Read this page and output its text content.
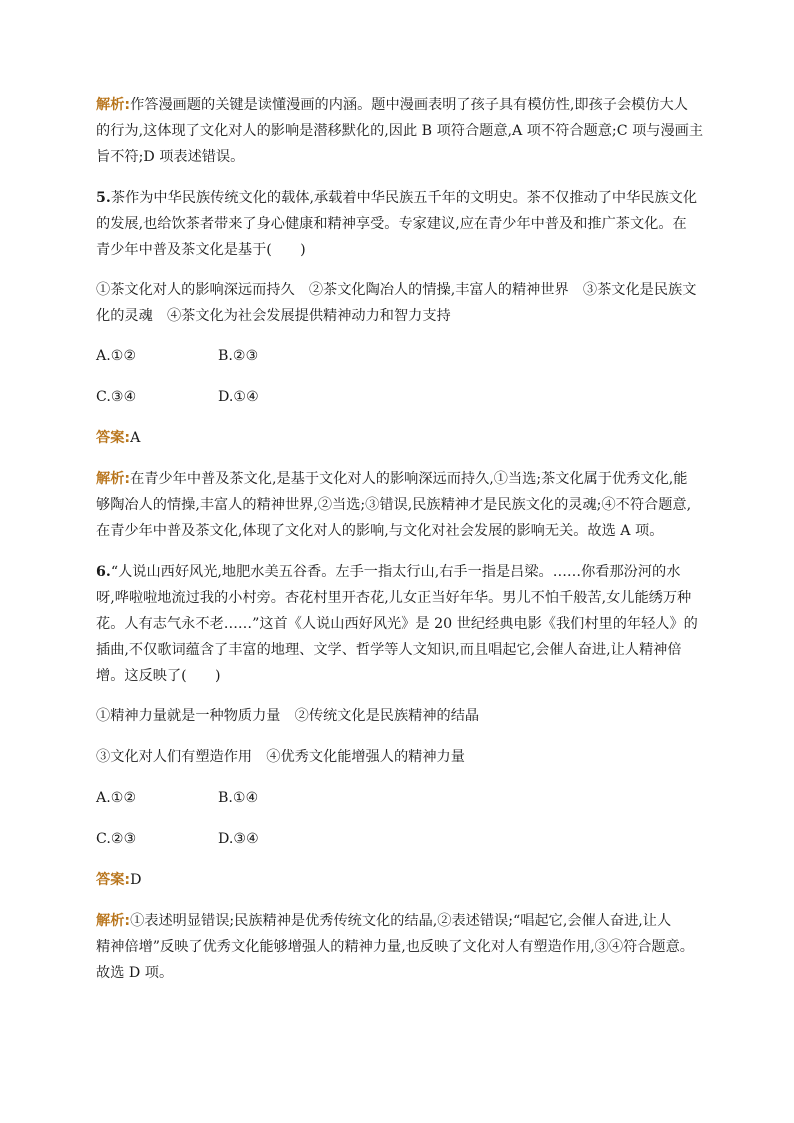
解析:作答漫画题的关键是读懂漫画的内涵。题中漫画表明了孩子具有模仿性,即孩子会模仿大人

的行为,这体现了文化对人的影响是潜移默化的,因此 B 项符合题意,A 项不符合题意;C 项与漫画主

旨不符;D 项表述错误。

5.茶作为中华民族传统文化的载体,承载着中华民族五千年的文明史。茶不仅推动了中华民族文化

的发展,也给饮茶者带来了身心健康和精神享受。专家建议,应在青少年中普及和推广茶文化。在

青少年中普及茶文化是基于(　　)

①茶文化对人的影响深远而持久　②茶文化陶冶人的情操,丰富人的精神世界　③茶文化是民族文

化的灵魂　④茶文化为社会发展提供精神动力和智力支持

A.①②	B.②③
C.③④	D.①④

答案:A

解析:在青少年中普及茶文化,是基于文化对人的影响深远而持久,①当选;茶文化属于优秀文化,能

够陶冶人的情操,丰富人的精神世界,②当选;③错误,民族精神才是民族文化的灵魂;④不符合题意,

在青少年中普及茶文化,体现了文化对人的影响,与文化对社会发展的影响无关。故选 A 项。

6.“人说山西好风光,地肥水美五谷香。左手一指太行山,右手一指是吕梁。……你看那汾河的水

呀,哗啦啦地流过我的小村旁。杏花村里开杏花,儿女正当好年华。男儿不怕千般苦,女儿能绣万种

花。人有志气永不老……”这首《人说山西好风光》是 20 世纪经典电影《我们村里的年轻人》的

插曲,不仅歌词蕴含了丰富的地理、文学、哲学等人文知识,而且唱起它,会催人奋进,让人精神倍

增。这反映了(　　)

①精神力量就是一种物质力量　②传统文化是民族精神的结晶

③文化对人们有塑造作用　④优秀文化能增强人的精神力量

A.①②	B.①④
C.②③	D.③④

答案:D

解析:①表述明显错误;民族精神是优秀传统文化的结晶,②表述错误;“唱起它,会催人奋进,让人

精神倍增”反映了优秀文化能够增强人的精神力量,也反映了文化对人有塑造作用,③④符合题意。

故选 D 项。
